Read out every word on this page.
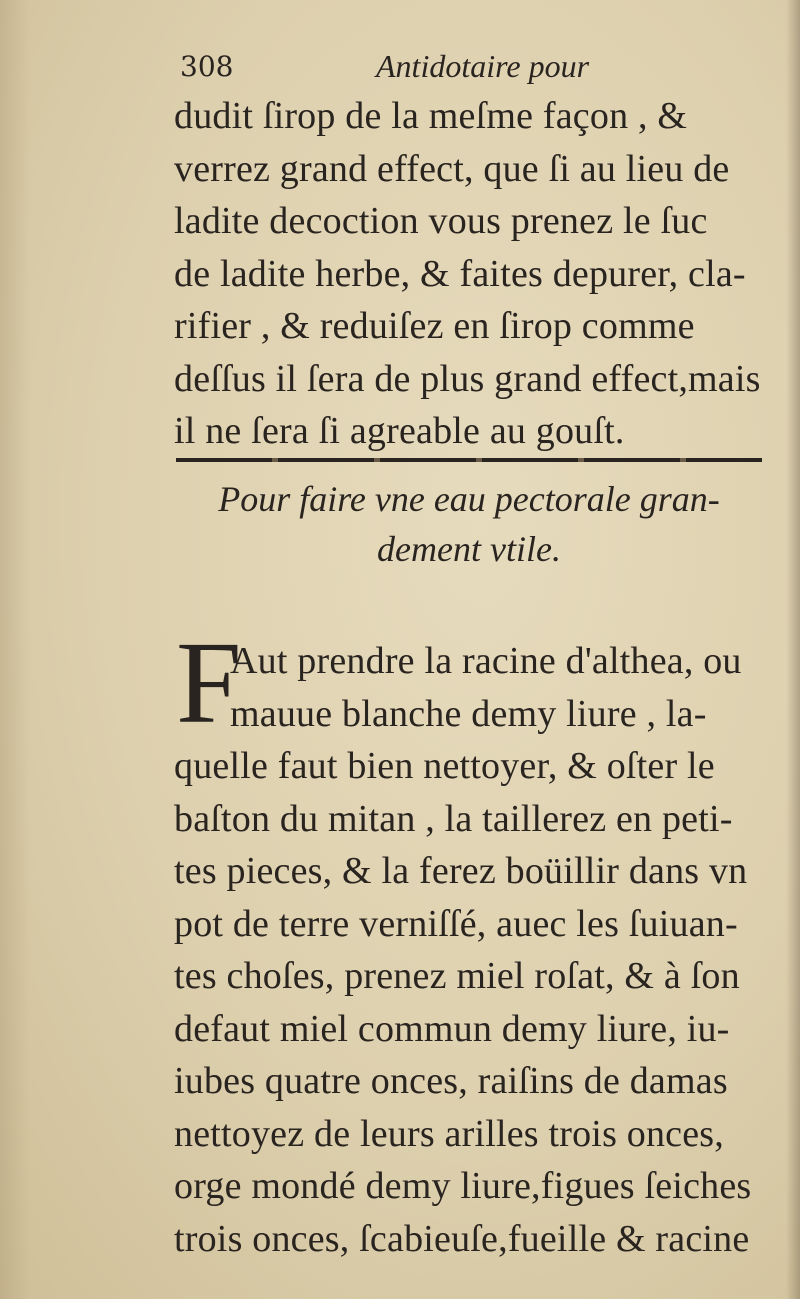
308	Antidotaire pour
dudit ſirop de la meſme façon , &
verrez grand effect, que ſi au lieu de
ladite decoction vous prenez le ſuc
de ladite herbe, & faites depurer, cla-
rifier , & reduiſez en ſirop comme
deſſus il ſera de plus grand effect,mais
il ne ſera ſi agreable au gouſt.
Pour faire vne eau pectorale gran-
dement vtile.
F
Aut prendre la racine d'althea, ou
mauue blanche demy liure , la-
quelle faut bien nettoyer, & oſter le
baſton du mitan , la taillerez en peti-
tes pieces, & la ferez boüillir dans vn
pot de terre verniſſé, auec les ſuiuan-
tes choſes, prenez miel roſat, & à ſon
defaut miel commun demy liure, iu-
iubes quatre onces, raiſins de damas
nettoyez de leurs arilles trois onces,
orge mondé demy liure,figues ſeiches
trois onces, ſcabieuſe,fueille & racine
